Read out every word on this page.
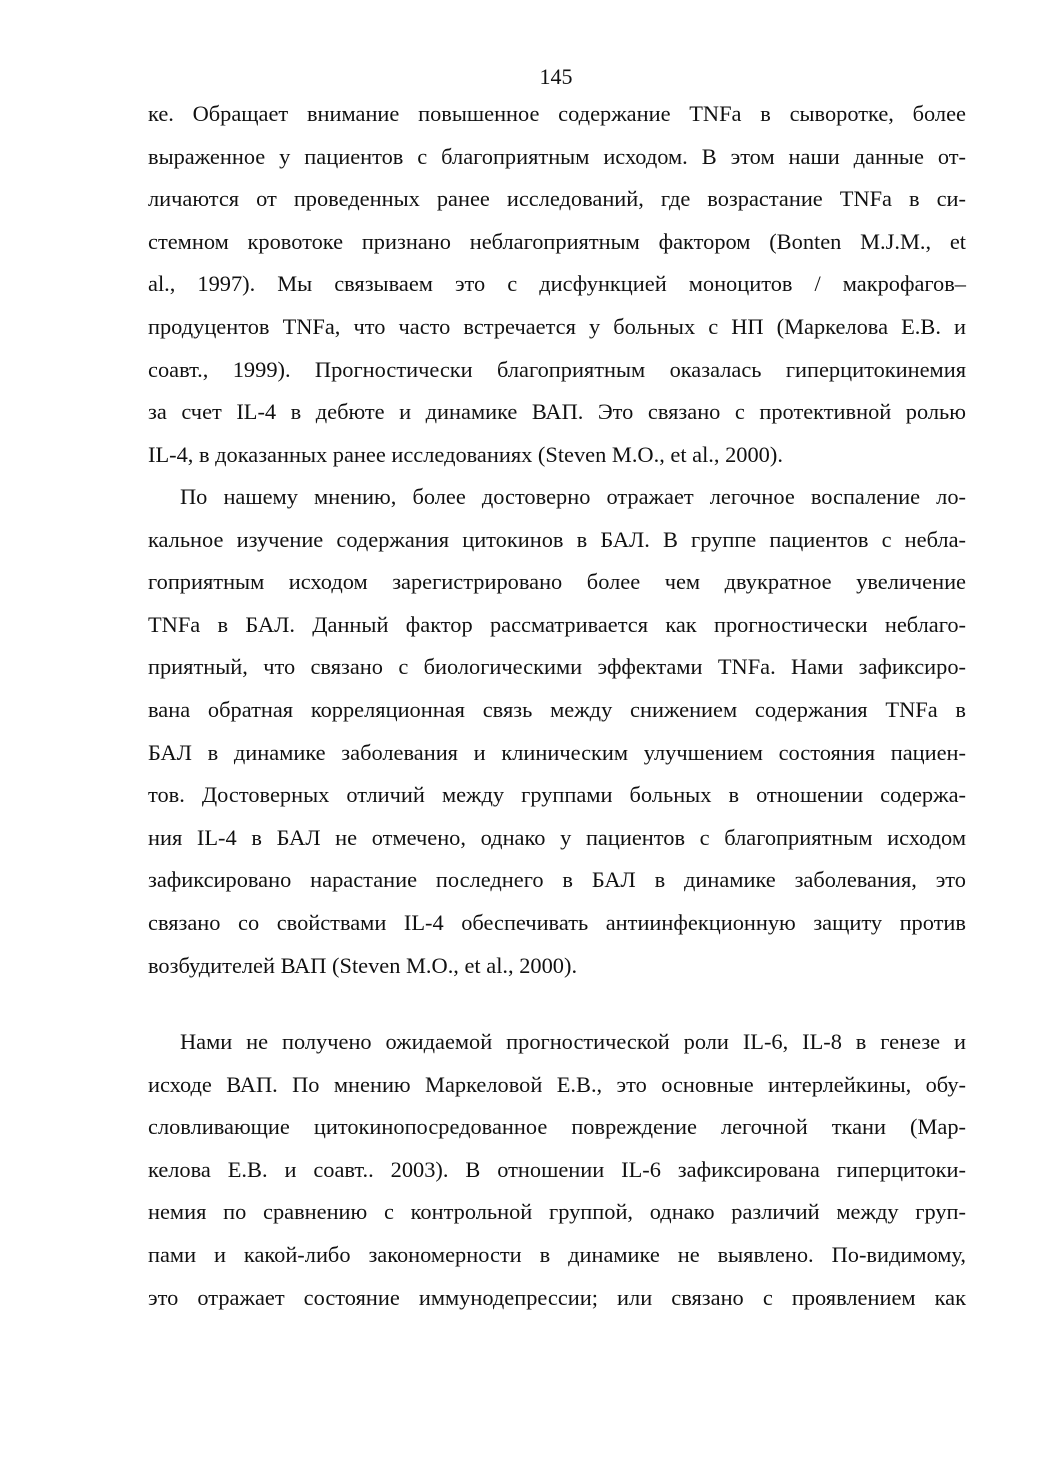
145
ке. Обращает внимание повышенное содержание TNFa в сыворотке, более
выраженное у пациентов с благоприятным исходом. В этом наши данные от-
личаются от проведенных ранее исследований, где возрастание TNFa в си-
стемном кровотоке признано неблагоприятным фактором (Bonten M.J.M., et
al., 1997). Мы связываем это с дисфункцией моноцитов / макрофагов–
продуцентов TNFa, что часто встречается у больных с НП (Маркелова Е.В. и
соавт., 1999). Прогностически благоприятным оказалась гиперцитокинемия
за счет IL-4 в дебюте и динамике ВАП. Это связано с протективной ролью
IL-4, в доказанных ранее исследованиях (Steven M.O., et al., 2000).
По нашему мнению, более достоверно отражает легочное воспаление ло-
кальное изучение содержания цитокинов в БАЛ. В группе пациентов с небла-
гоприятным исходом зарегистрировано более чем двукратное увеличение
TNFa в БАЛ. Данный фактор рассматривается как прогностически неблаго-
приятный, что связано с биологическими эффектами TNFa. Нами зафиксиро-
вана обратная корреляционная связь между снижением содержания TNFa в
БАЛ в динамике заболевания и клиническим улучшением состояния пациен-
тов. Достоверных отличий между группами больных в отношении содержа-
ния IL-4 в БАЛ не отмечено, однако у пациентов с благоприятным исходом
зафиксировано нарастание последнего в БАЛ в динамике заболевания, это
связано со свойствами IL-4 обеспечивать антиинфекционную защиту против
возбудителей ВАП (Steven M.O., et al., 2000).
Нами не получено ожидаемой прогностической роли IL-6, IL-8 в генезе и
исходе ВАП. По мнению Маркеловой Е.В., это основные интерлейкины, обу-
словливающие цитокинопосредованное повреждение легочной ткани (Мар-
келова Е.В. и соавт.. 2003). В отношении IL-6 зафиксирована гиперцитоки-
немия по сравнению с контрольной группой, однако различий между груп-
пами и какой-либо закономерности в динамике не выявлено. По-видимому,
это отражает состояние иммунодепрессии; или связано с проявлением как
